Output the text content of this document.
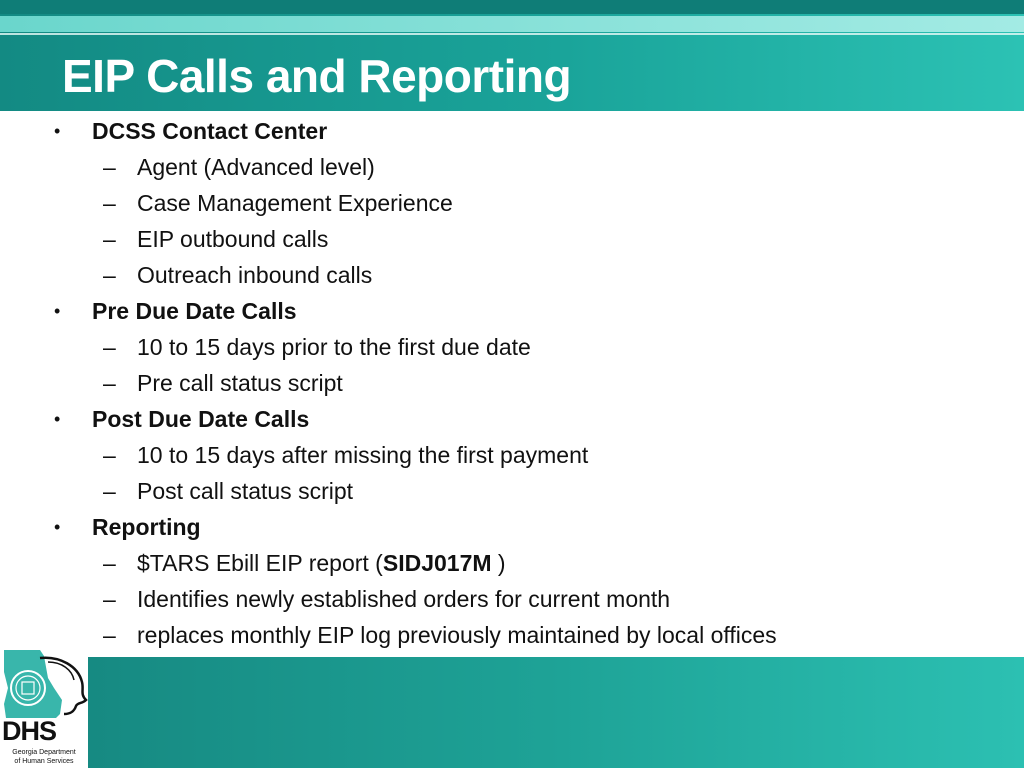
EIP Calls and Reporting
• DCSS Contact Center
– Agent (Advanced level)
– Case Management Experience
– EIP outbound calls
– Outreach inbound calls
• Pre Due Date Calls
– 10 to 15 days prior to the first due date
– Pre call status script
• Post Due Date Calls
– 10 to 15 days after missing the first payment
– Post call status script
• Reporting
– $TARS Ebill EIP report (SIDJ017M )
– Identifies newly established orders for current month
– replaces monthly EIP log previously maintained by local offices
DHS
Georgia Department
of Human Services
